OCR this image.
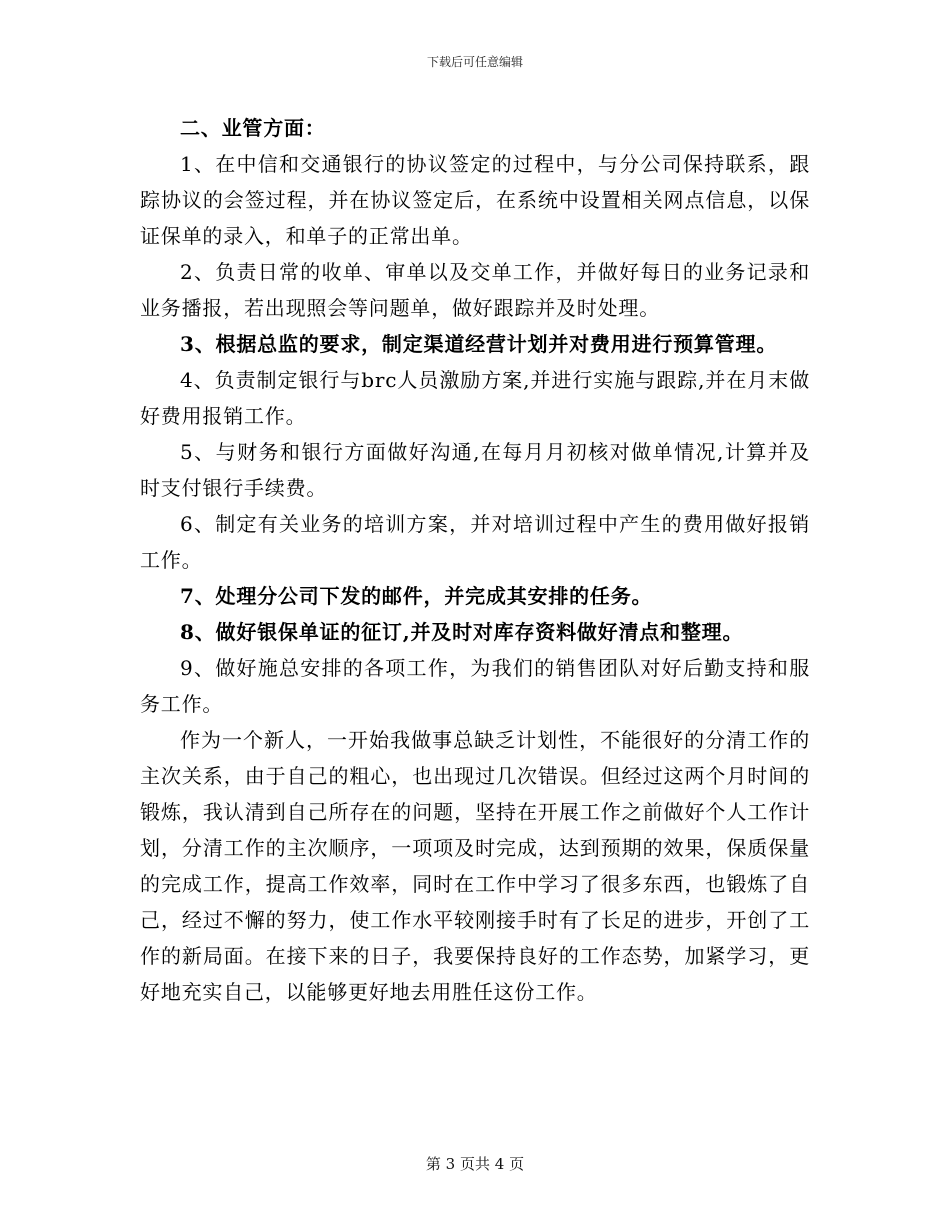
下载后可任意编辑

二、业管方面：

1、在中信和交通银行的协议签定的过程中，与分公司保持联系，跟踪协议的会签过程，并在协议签定后，在系统中设置相关网点信息，以保证保单的录入，和单子的正常出单。

2、负责日常的收单、审单以及交单工作，并做好每日的业务记录和业务播报，若出现照会等问题单，做好跟踪并及时处理。

3、根据总监的要求，制定渠道经营计划并对费用进行预算管理。

4、负责制定银行与brc人员激励方案,并进行实施与跟踪,并在月末做好费用报销工作。

5、与财务和银行方面做好沟通,在每月月初核对做单情况,计算并及时支付银行手续费。

6、制定有关业务的培训方案，并对培训过程中产生的费用做好报销工作。

7、处理分公司下发的邮件，并完成其安排的任务。

8、做好银保单证的征订,并及时对库存资料做好清点和整理。

9、做好施总安排的各项工作，为我们的销售团队对好后勤支持和服务工作。

作为一个新人，一开始我做事总缺乏计划性，不能很好的分清工作的主次关系，由于自己的粗心，也出现过几次错误。但经过这两个月时间的锻炼，我认清到自己所存在的问题，坚持在开展工作之前做好个人工作计划，分清工作的主次顺序，一项项及时完成，达到预期的效果，保质保量的完成工作，提高工作效率，同时在工作中学习了很多东西，也锻炼了自己，经过不懈的努力，使工作水平较刚接手时有了长足的进步，开创了工作的新局面。在接下来的日子，我要保持良好的工作态势，加紧学习，更好地充实自己，以能够更好地去用胜任这份工作。

第 3 页共 4 页
